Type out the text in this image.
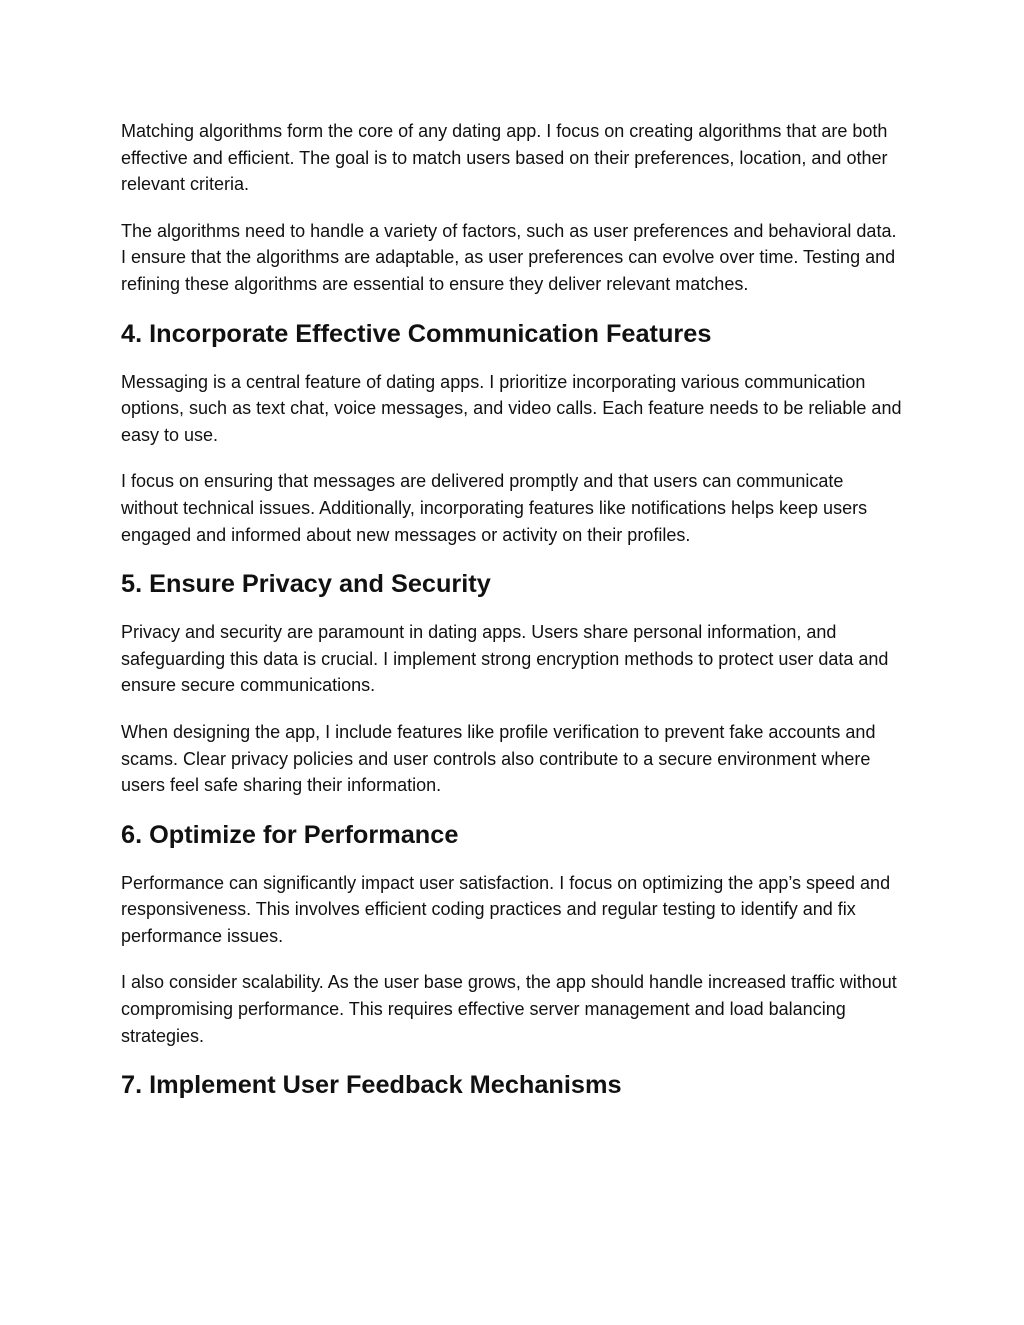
Matching algorithms form the core of any dating app. I focus on creating algorithms that are both effective and efficient. The goal is to match users based on their preferences, location, and other relevant criteria.

The algorithms need to handle a variety of factors, such as user preferences and behavioral data. I ensure that the algorithms are adaptable, as user preferences can evolve over time. Testing and refining these algorithms are essential to ensure they deliver relevant matches.

4. Incorporate Effective Communication Features

Messaging is a central feature of dating apps. I prioritize incorporating various communication options, such as text chat, voice messages, and video calls. Each feature needs to be reliable and easy to use.

I focus on ensuring that messages are delivered promptly and that users can communicate without technical issues. Additionally, incorporating features like notifications helps keep users engaged and informed about new messages or activity on their profiles.

5. Ensure Privacy and Security

Privacy and security are paramount in dating apps. Users share personal information, and safeguarding this data is crucial. I implement strong encryption methods to protect user data and ensure secure communications.

When designing the app, I include features like profile verification to prevent fake accounts and scams. Clear privacy policies and user controls also contribute to a secure environment where users feel safe sharing their information.

6. Optimize for Performance

Performance can significantly impact user satisfaction. I focus on optimizing the app’s speed and responsiveness. This involves efficient coding practices and regular testing to identify and fix performance issues.

I also consider scalability. As the user base grows, the app should handle increased traffic without compromising performance. This requires effective server management and load balancing strategies.

7. Implement User Feedback Mechanisms
